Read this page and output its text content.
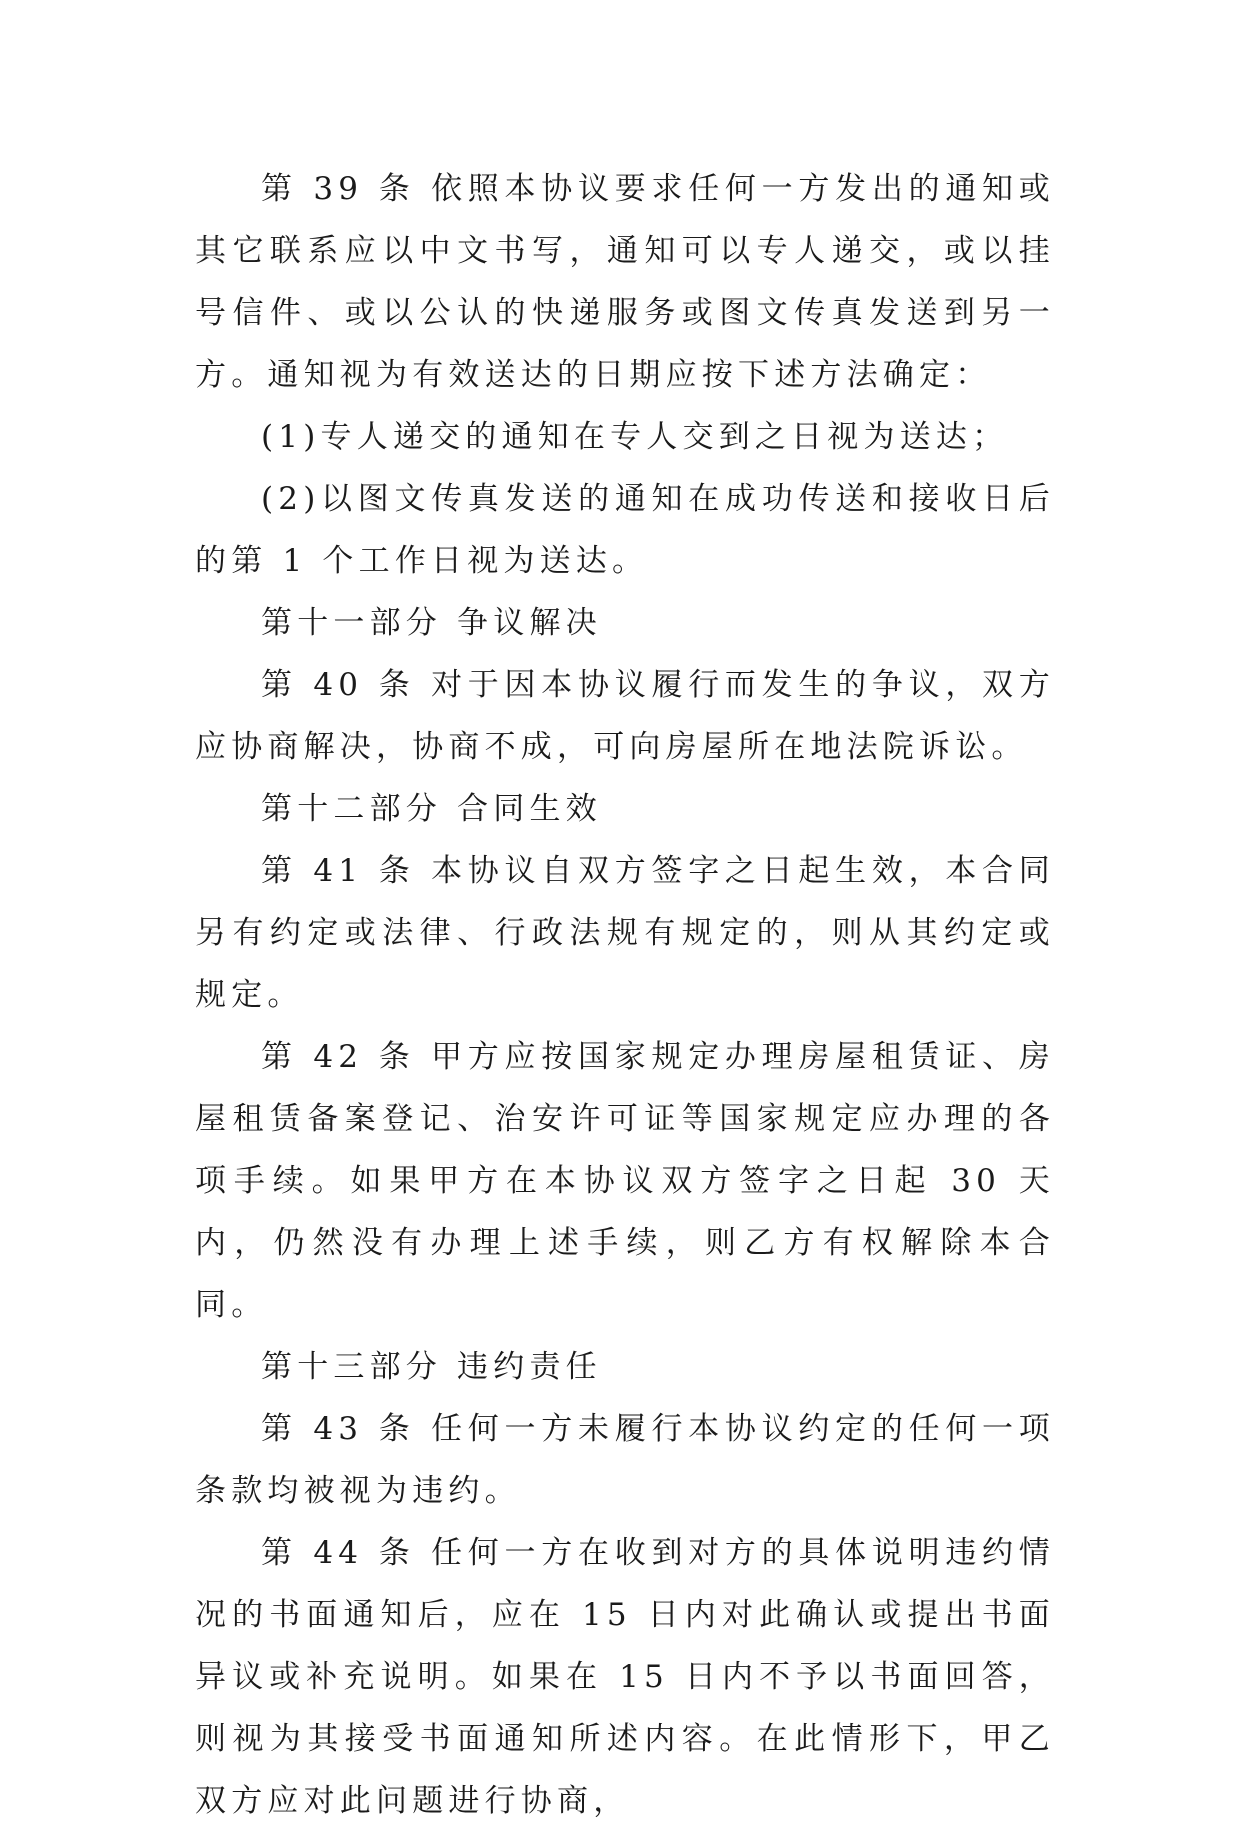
第 39 条 依照本协议要求任何一方发出的通知或其它联系应以中文书写，通知可以专人递交，或以挂号信件、或以公认的快递服务或图文传真发送到另一方。通知视为有效送达的日期应按下述方法确定：

(1)专人递交的通知在专人交到之日视为送达；

(2)以图文传真发送的通知在成功传送和接收日后的第 1 个工作日视为送达。

第十一部分 争议解决

第 40 条 对于因本协议履行而发生的争议，双方应协商解决，协商不成，可向房屋所在地法院诉讼。

第十二部分 合同生效

第 41 条 本协议自双方签字之日起生效，本合同另有约定或法律、行政法规有规定的，则从其约定或规定。

第 42 条 甲方应按国家规定办理房屋租赁证、房屋租赁备案登记、治安许可证等国家规定应办理的各项手续。如果甲方在本协议双方签字之日起 30 天内，仍然没有办理上述手续，则乙方有权解除本合同。

第十三部分 违约责任

第 43 条 任何一方未履行本协议约定的任何一项条款均被视为违约。

第 44 条 任何一方在收到对方的具体说明违约情况的书面通知后，应在 15 日内对此确认或提出书面异议或补充说明。如果在 15 日内不予以书面回答，则视为其接受书面通知所述内容。在此情形下，甲乙双方应对此问题进行协商，
